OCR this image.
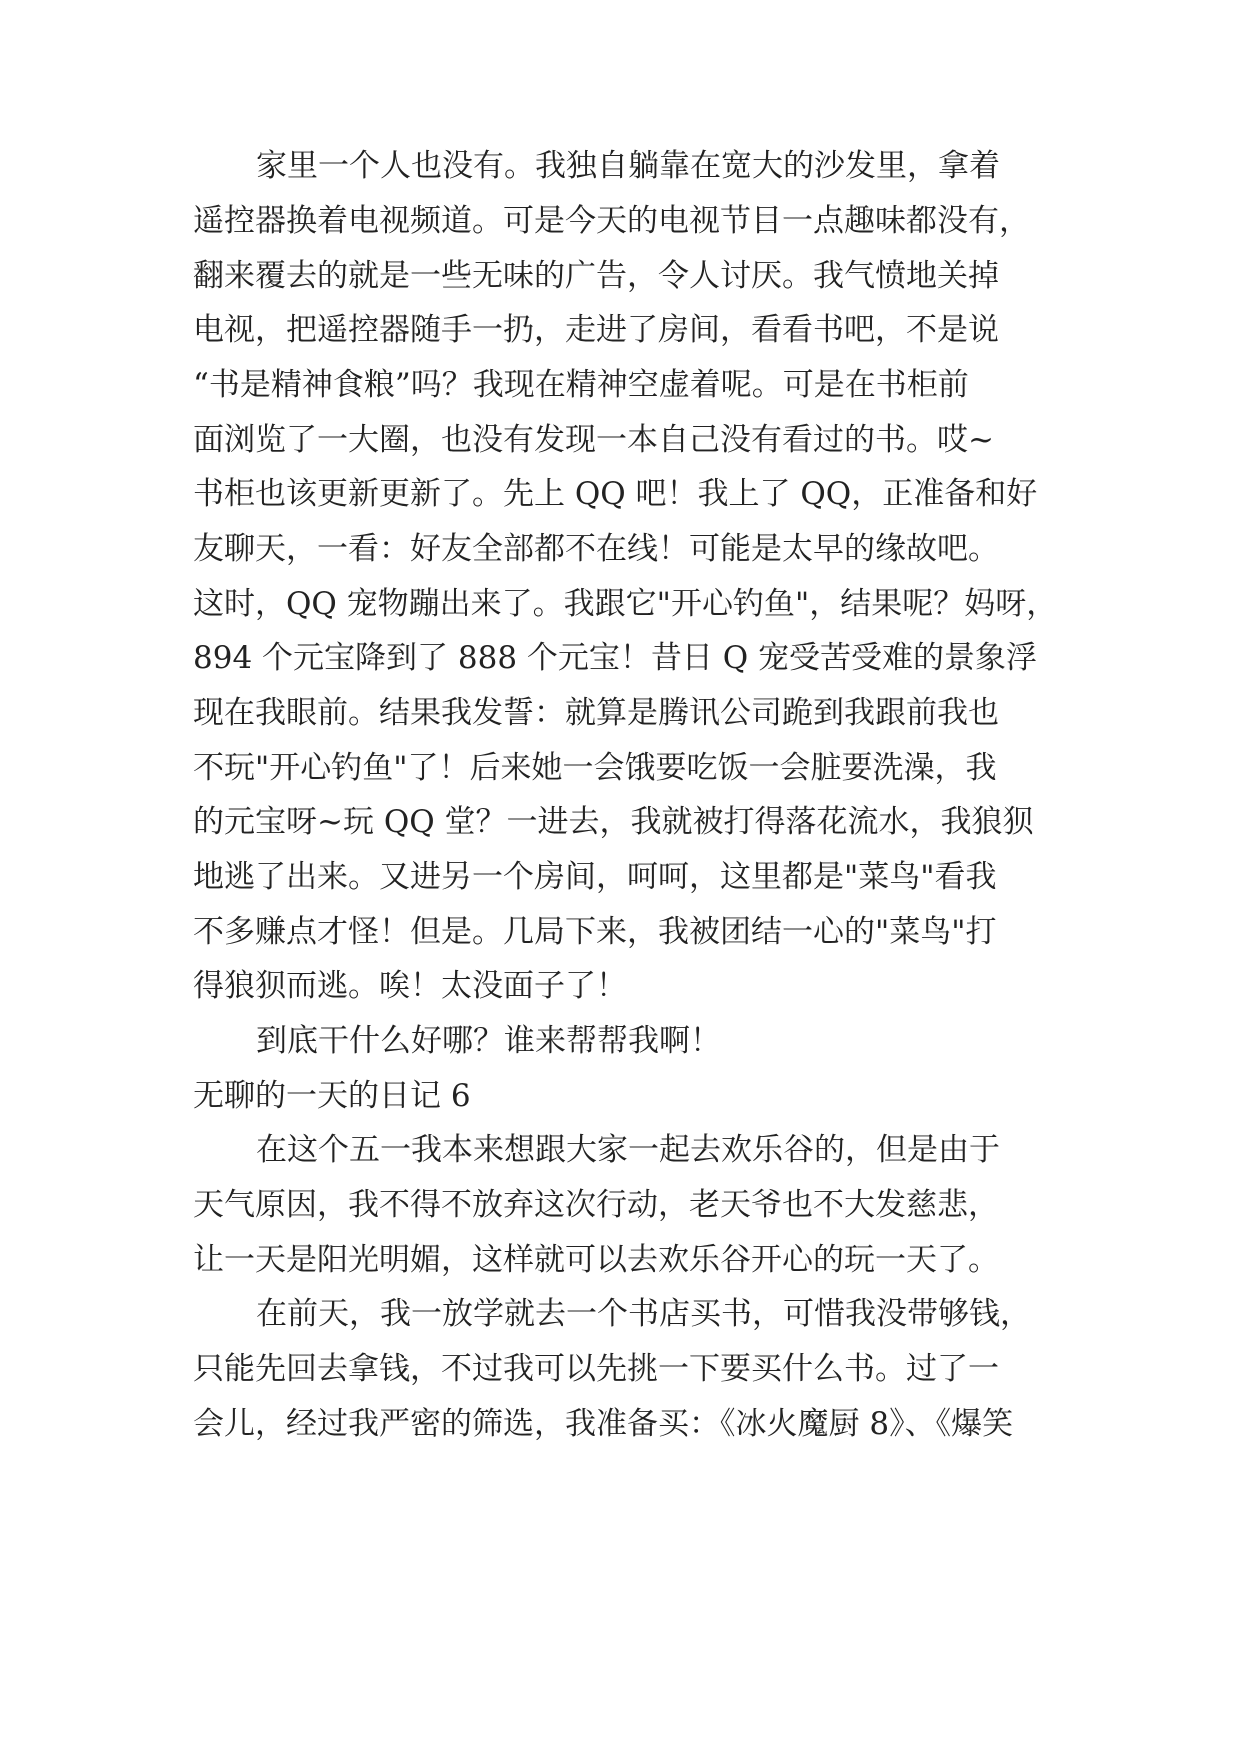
家里一个人也没有。我独自躺靠在宽大的沙发里，拿着

遥控器换着电视频道。可是今天的电视节目一点趣味都没有，

翻来覆去的就是一些无味的广告，令人讨厌。我气愤地关掉

电视，把遥控器随手一扔，走进了房间，看看书吧，不是说

“书是精神食粮”吗？我现在精神空虚着呢。可是在书柜前

面浏览了一大圈，也没有发现一本自己没有看过的书。哎~

书柜也该更新更新了。先上 QQ 吧！我上了 QQ，正准备和好

友聊天，一看：好友全部都不在线！可能是太早的缘故吧。

这时，QQ 宠物蹦出来了。我跟它"开心钓鱼"，结果呢？妈呀，

894 个元宝降到了 888 个元宝！昔日 Q 宠受苦受难的景象浮

现在我眼前。结果我发誓：就算是腾讯公司跪到我跟前我也

不玩"开心钓鱼"了！后来她一会饿要吃饭一会脏要洗澡，我

的元宝呀~玩 QQ 堂？一进去，我就被打得落花流水，我狼狈

地逃了出来。又进另一个房间，呵呵，这里都是"菜鸟"看我

不多赚点才怪！但是。几局下来，我被团结一心的"菜鸟"打

得狼狈而逃。唉！太没面子了！

到底干什么好哪？谁来帮帮我啊！

无聊的一天的日记 6

在这个五一我本来想跟大家一起去欢乐谷的，但是由于

天气原因，我不得不放弃这次行动，老天爷也不大发慈悲，

让一天是阳光明媚，这样就可以去欢乐谷开心的玩一天了。

在前天，我一放学就去一个书店买书，可惜我没带够钱，

只能先回去拿钱，不过我可以先挑一下要买什么书。过了一

会儿，经过我严密的筛选，我准备买：《冰火魔厨 8》、《爆笑
